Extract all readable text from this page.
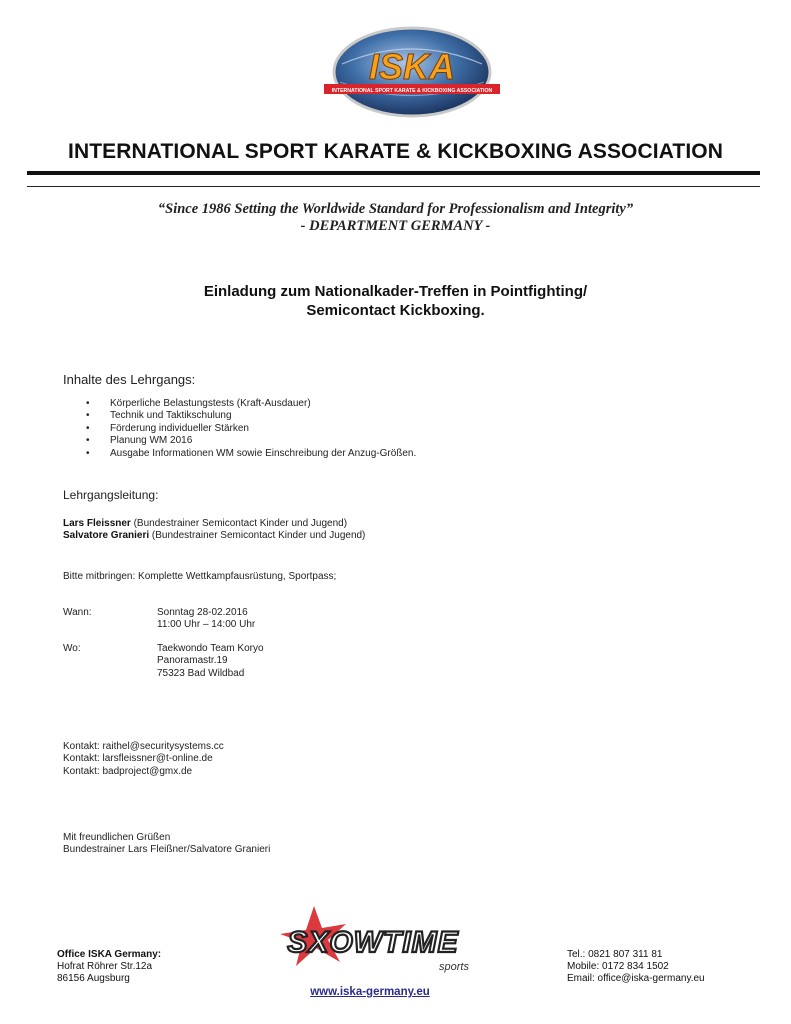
ISKA
INTERNATIONAL SPORT KARATE & KICKBOXING ASSOCIATION
INTERNATIONAL SPORT KARATE & KICKBOXING ASSOCIATION
“Since 1986 Setting the Worldwide Standard for Professionalism and Integrity”
- DEPARTMENT GERMANY -
Einladung zum Nationalkader-Treffen in Pointfighting/
Semicontact Kickboxing.
Inhalte des Lehrgangs:
• Körperliche Belastungstests (Kraft-Ausdauer)
• Technik und Taktikschulung
• Förderung individueller Stärken
• Planung WM 2016
• Ausgabe Informationen WM sowie Einschreibung der Anzug-Größen.
Lehrgangsleitung:
Lars Fleissner (Bundestrainer Semicontact Kinder und Jugend)
Salvatore Granieri (Bundestrainer Semicontact Kinder und Jugend)
Bitte mitbringen: Komplette Wettkampfausrüstung, Sportpass;
Wann:	Sonntag 28-02.2016
11:00 Uhr – 14:00 Uhr
Wo:	Taekwondo Team Koryo
Panoramastr.19
75323 Bad Wildbad
Kontakt: raithel@securitysystems.cc
Kontakt: larsfleissner@t-online.de
Kontakt: badproject@gmx.de
Mit freundlichen Grüßen
Bundestrainer Lars Fleißner/Salvatore Granieri
Office ISKA Germany:
Hofrat Röhrer Str.12a
86156 Augsburg
SXOWTIME
sports
www.iska-germany.eu
Tel.: 0821 807 311 81
Mobile: 0172 834 1502
Email: office@iska-germany.eu
